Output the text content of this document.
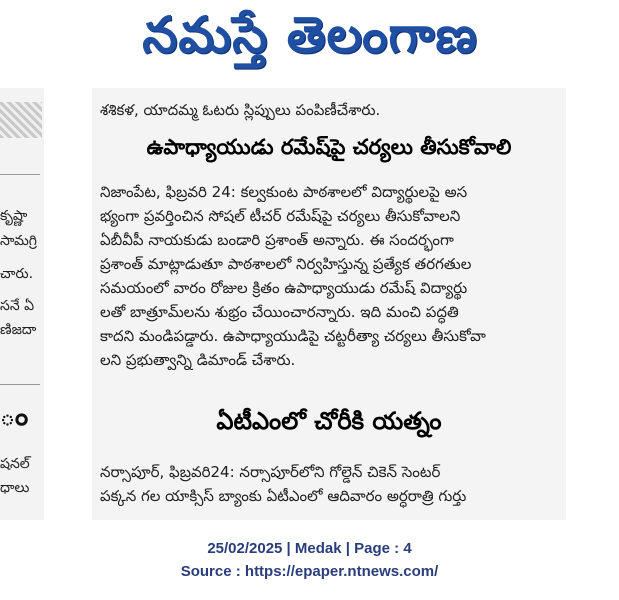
నమస్తే తెలంగాణ
కృష్ణా
సామగ్రి
చారు.
సనే ఏ
ణిజదా
ం
షనల్
ధాలు
శశికళ, యాదమ్మ ఓటరు స్లిప్పులు పంపిణీచేశారు.
ఉపాధ్యాయుడు రమేష్‌పై చర్యలు తీసుకోవాలి
నిజాంపేట, ఫిబ్రవరి 24: కల్వకుంట పాఠశాలలో విద్యార్థులపై అస
భ్యంగా ప్రవర్తించిన సోషల్ టీచర్ రమేష్‌పై చర్యలు తీసుకోవాలని
ఏబీవీపీ నాయకుడు బండారి ప్రశాంత్ అన్నారు. ఈ సందర్భంగా
ప్రశాంత్ మాట్లాడుతూ పాఠశాలలో నిర్వహిస్తున్న ప్రత్యేక తరగతుల
సమయంలో వారం రోజుల క్రితం ఉపాధ్యాయుడు రమేష్ విద్యార్థు
లతో బాత్రూమ్‌లను శుభ్రం చేయించారన్నారు. ఇది మంచి పద్ధతి
కాదని మండిపడ్డారు. ఉపాధ్యాయుడిపై చట్టరీత్యా చర్యలు తీసుకోవా
లని ప్రభుత్వాన్ని డిమాండ్ చేశారు.
ఏటీఎంలో చోరీకి యత్నం
నర్సాపూర్, ఫిబ్రవరి24: నర్సాపూర్‌లోని గోల్డెన్ చికెన్ సెంటర్
పక్కన గల యాక్సిస్ బ్యాంకు ఏటీఎంలో ఆదివారం అర్ధరాత్రి గుర్తు
25/02/2025 | Medak | Page : 4
Source : https://epaper.ntnews.com/
